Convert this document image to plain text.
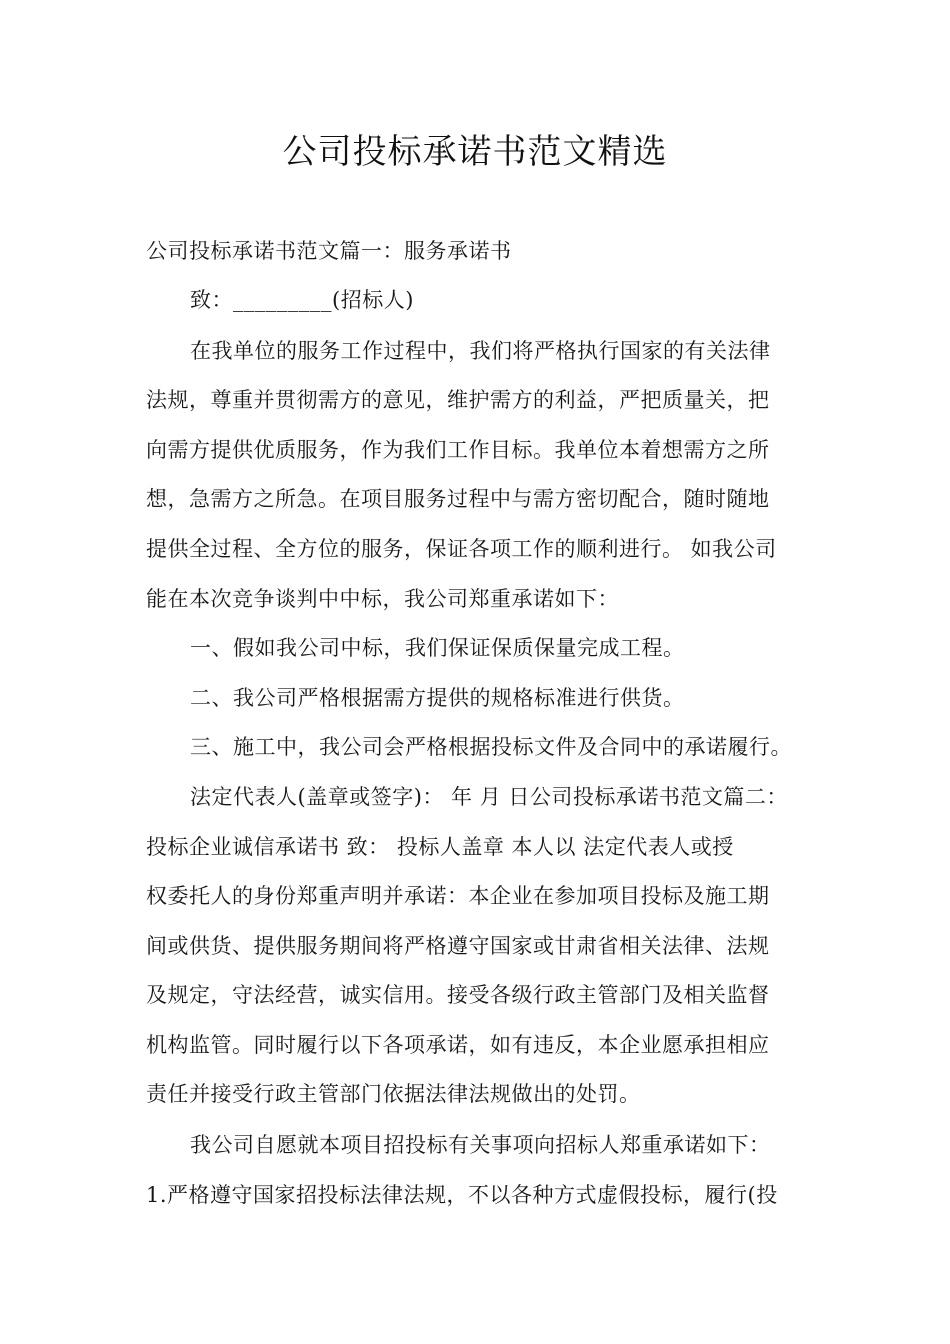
公司投标承诺书范文精选
公司投标承诺书范文篇一：服务承诺书
致：_________(招标人)
在我单位的服务工作过程中，我们将严格执行国家的有关法律
法规，尊重并贯彻需方的意见，维护需方的利益，严把质量关，把
向需方提供优质服务，作为我们工作目标。我单位本着想需方之所
想，急需方之所急。在项目服务过程中与需方密切配合，随时随地
提供全过程、全方位的服务，保证各项工作的顺利进行。 如我公司
能在本次竞争谈判中中标，我公司郑重承诺如下：
一、假如我公司中标，我们保证保质保量完成工程。
二、我公司严格根据需方提供的规格标准进行供货。
三、施工中，我公司会严格根据投标文件及合同中的承诺履行。
法定代表人(盖章或签字)： 年 月 日公司投标承诺书范文篇二：
投标企业诚信承诺书 致： 投标人盖章 本人以 法定代表人或授
权委托人的身份郑重声明并承诺：本企业在参加项目投标及施工期
间或供货、提供服务期间将严格遵守国家或甘肃省相关法律、法规
及规定，守法经营，诚实信用。接受各级行政主管部门及相关监督
机构监管。同时履行以下各项承诺，如有违反，本企业愿承担相应
责任并接受行政主管部门依据法律法规做出的处罚。
我公司自愿就本项目招投标有关事项向招标人郑重承诺如下：
1.严格遵守国家招投标法律法规，不以各种方式虚假投标，履行(投
